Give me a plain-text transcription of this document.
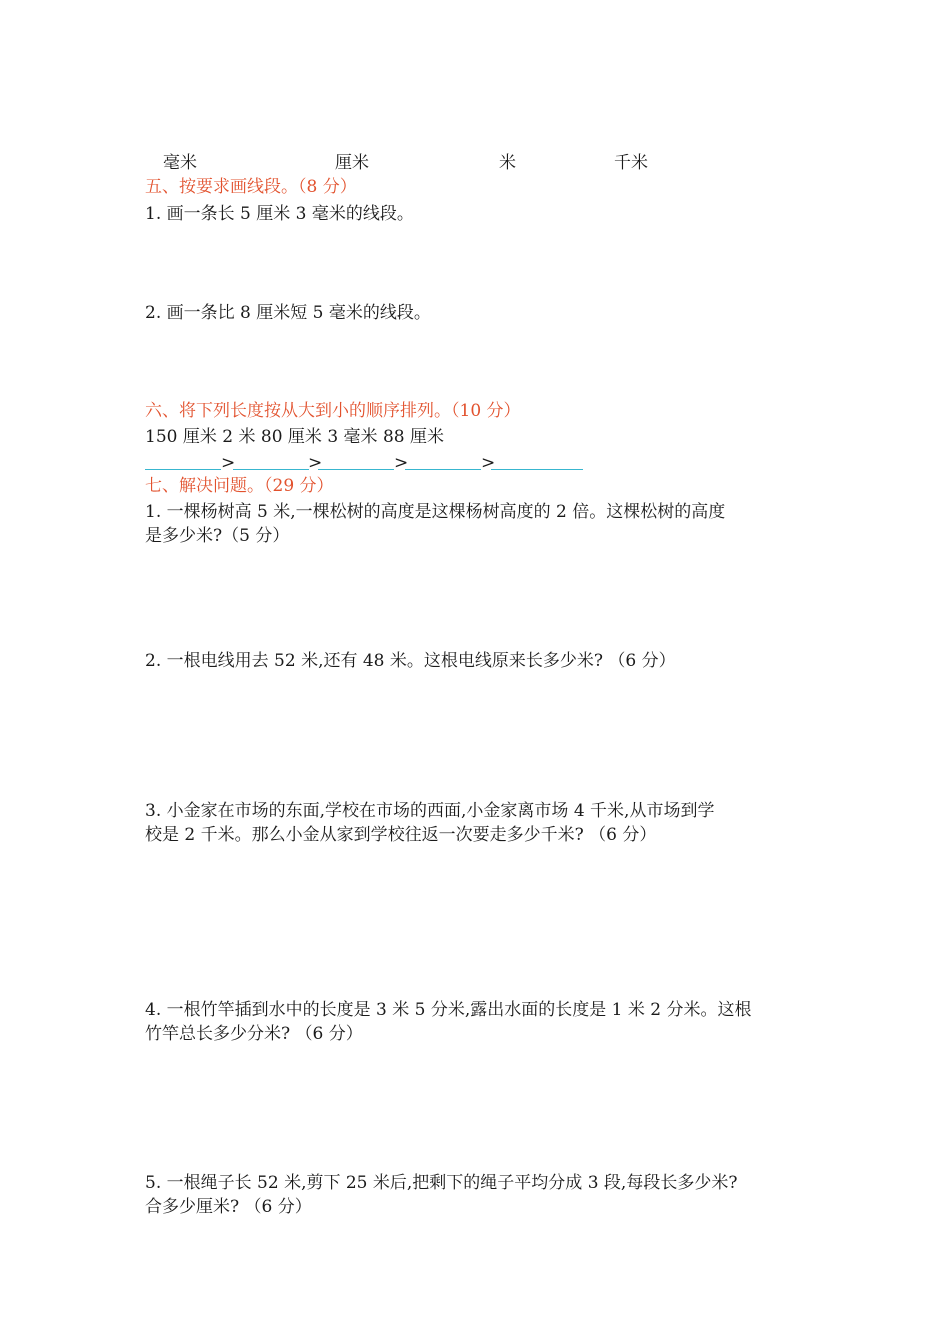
毫米	厘米	米	千米
五、按要求画线段。（8 分）
1. 画一条长 5 厘米 3 毫米的线段。
2. 画一条比 8 厘米短 5 毫米的线段。
六、将下列长度按从大到小的顺序排列。（10 分）
150 厘米 2 米 80 厘米 3 毫米 88 厘米
>	>	>	>
七、解决问题。（29 分）
1. 一棵杨树高 5 米,一棵松树的高度是这棵杨树高度的 2 倍。这棵松树的高度
是多少米?（5 分）
2. 一根电线用去 52 米,还有 48 米。这根电线原来长多少米? （6 分）
3. 小金家在市场的东面,学校在市场的西面,小金家离市场 4 千米,从市场到学
校是 2 千米。那么小金从家到学校往返一次要走多少千米? （6 分）
4. 一根竹竿插到水中的长度是 3 米 5 分米,露出水面的长度是 1 米 2 分米。这根
竹竿总长多少分米? （6 分）
5. 一根绳子长 52 米,剪下 25 米后,把剩下的绳子平均分成 3 段,每段长多少米?
合多少厘米? （6 分）
